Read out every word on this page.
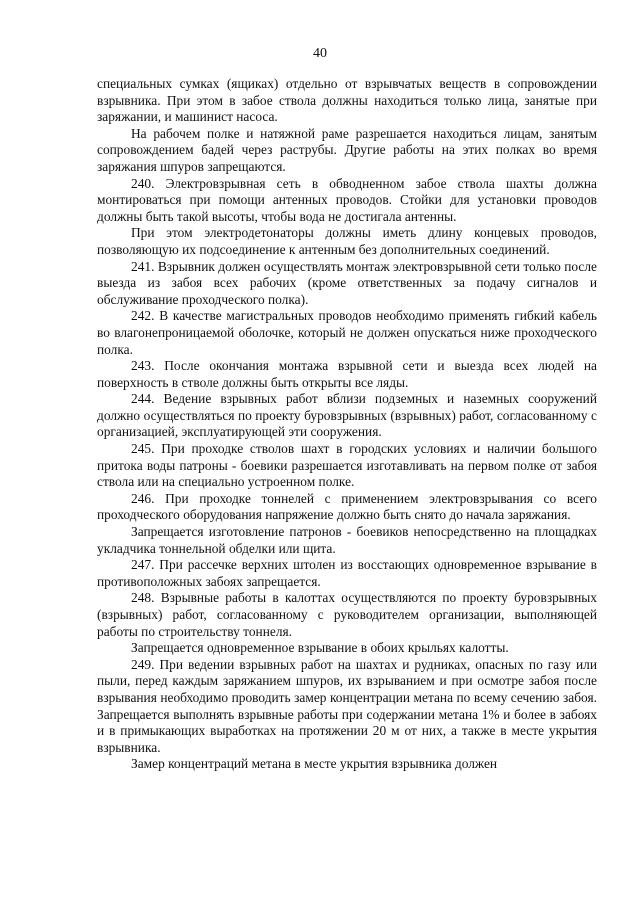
40

специальных сумках (ящиках) отдельно от взрывчатых веществ в сопровождении взрывника. При этом в забое ствола должны находиться только лица, занятые при заряжании, и машинист насоса.

На рабочем полке и натяжной раме разрешается находиться лицам, занятым сопровождением бадей через раструбы. Другие работы на этих полках во время заряжания шпуров запрещаются.

240. Электровзрывная сеть в обводненном забое ствола шахты должна монтироваться при помощи антенных проводов. Стойки для установки проводов должны быть такой высоты, чтобы вода не достигала антенны.

При этом электродетонаторы должны иметь длину концевых проводов, позволяющую их подсоединение к антенным без дополнительных соединений.

241. Взрывник должен осуществлять монтаж электровзрывной сети только после выезда из забоя всех рабочих (кроме ответственных за подачу сигналов и обслуживание проходческого полка).

242. В качестве магистральных проводов необходимо применять гибкий кабель во влагонепроницаемой оболочке, который не должен опускаться ниже проходческого полка.

243. После окончания монтажа взрывной сети и выезда всех людей на поверхность в стволе должны быть открыты все ляды.

244. Ведение взрывных работ вблизи подземных и наземных сооружений должно осуществляться по проекту буровзрывных (взрывных) работ, согласованному с организацией, эксплуатирующей эти сооружения.

245. При проходке стволов шахт в городских условиях и наличии большого притока воды патроны - боевики разрешается изготавливать на первом полке от забоя ствола или на специально устроенном полке.

246. При проходке тоннелей с применением электровзрывания со всего проходческого оборудования напряжение должно быть снято до начала заряжания.

Запрещается изготовление патронов - боевиков непосредственно на площадках укладчика тоннельной обделки или щита.

247. При рассечке верхних штолен из восстающих одновременное взрывание в противоположных забоях запрещается.

248. Взрывные работы в калоттах осуществляются по проекту буровзрывных (взрывных) работ, согласованному с руководителем организации, выполняющей работы по строительству тоннеля.

Запрещается одновременное взрывание в обоих крыльях калотты.

249. При ведении взрывных работ на шахтах и рудниках, опасных по газу или пыли, перед каждым заряжанием шпуров, их взрыванием и при осмотре забоя после взрывания необходимо проводить замер концентрации метана по всему сечению забоя. Запрещается выполнять взрывные работы при содержании метана 1% и более в забоях и в примыкающих выработках на протяжении 20 м от них, а также в месте укрытия взрывника.

Замер концентраций метана в месте укрытия взрывника должен
